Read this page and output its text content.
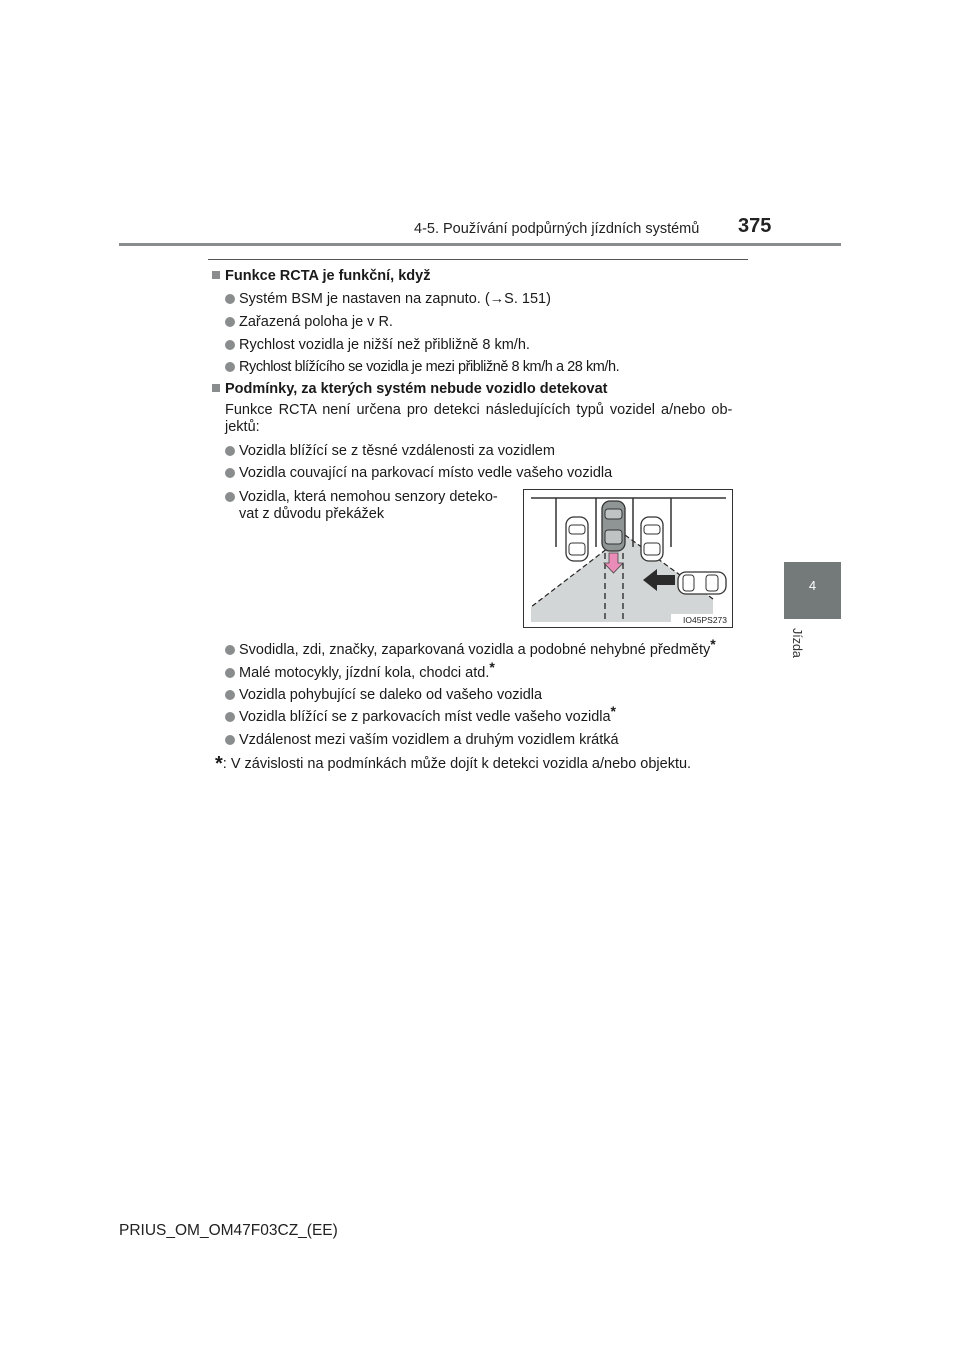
4-5. Používání podpůrných jízdních systémů 375
4
Jízda
Funkce RCTA je funkční, když
Systém BSM je nastaven na zapnuto. (→S. 151)
Zařazená poloha je v R.
Rychlost vozidla je nižší než přibližně 8 km/h.
Rychlost blížícího se vozidla je mezi přibližně 8 km/h a 28 km/h.
Podmínky, za kterých systém nebude vozidlo detekovat
Funkce RCTA není určena pro detekci následujících typů vozidel a/nebo ob-
jektů:
Vozidla blížící se z těsné vzdálenosti za vozidlem
Vozidla couvající na parkovací místo vedle vašeho vozidla
Vozidla, která nemohou senzory deteko-
vat z důvodu překážek
IO45PS273
Svodidla, zdi, značky, zaparkovaná vozidla a podobné nehybné předměty*
Malé motocykly, jízdní kola, chodci atd.*
Vozidla pohybující se daleko od vašeho vozidla
Vozidla blížící se z parkovacích míst vedle vašeho vozidla*
Vzdálenost mezi vaším vozidlem a druhým vozidlem krátká
*: V závislosti na podmínkách může dojít k detekci vozidla a/nebo objektu.
PRIUS_OM_OM47F03CZ_(EE)
